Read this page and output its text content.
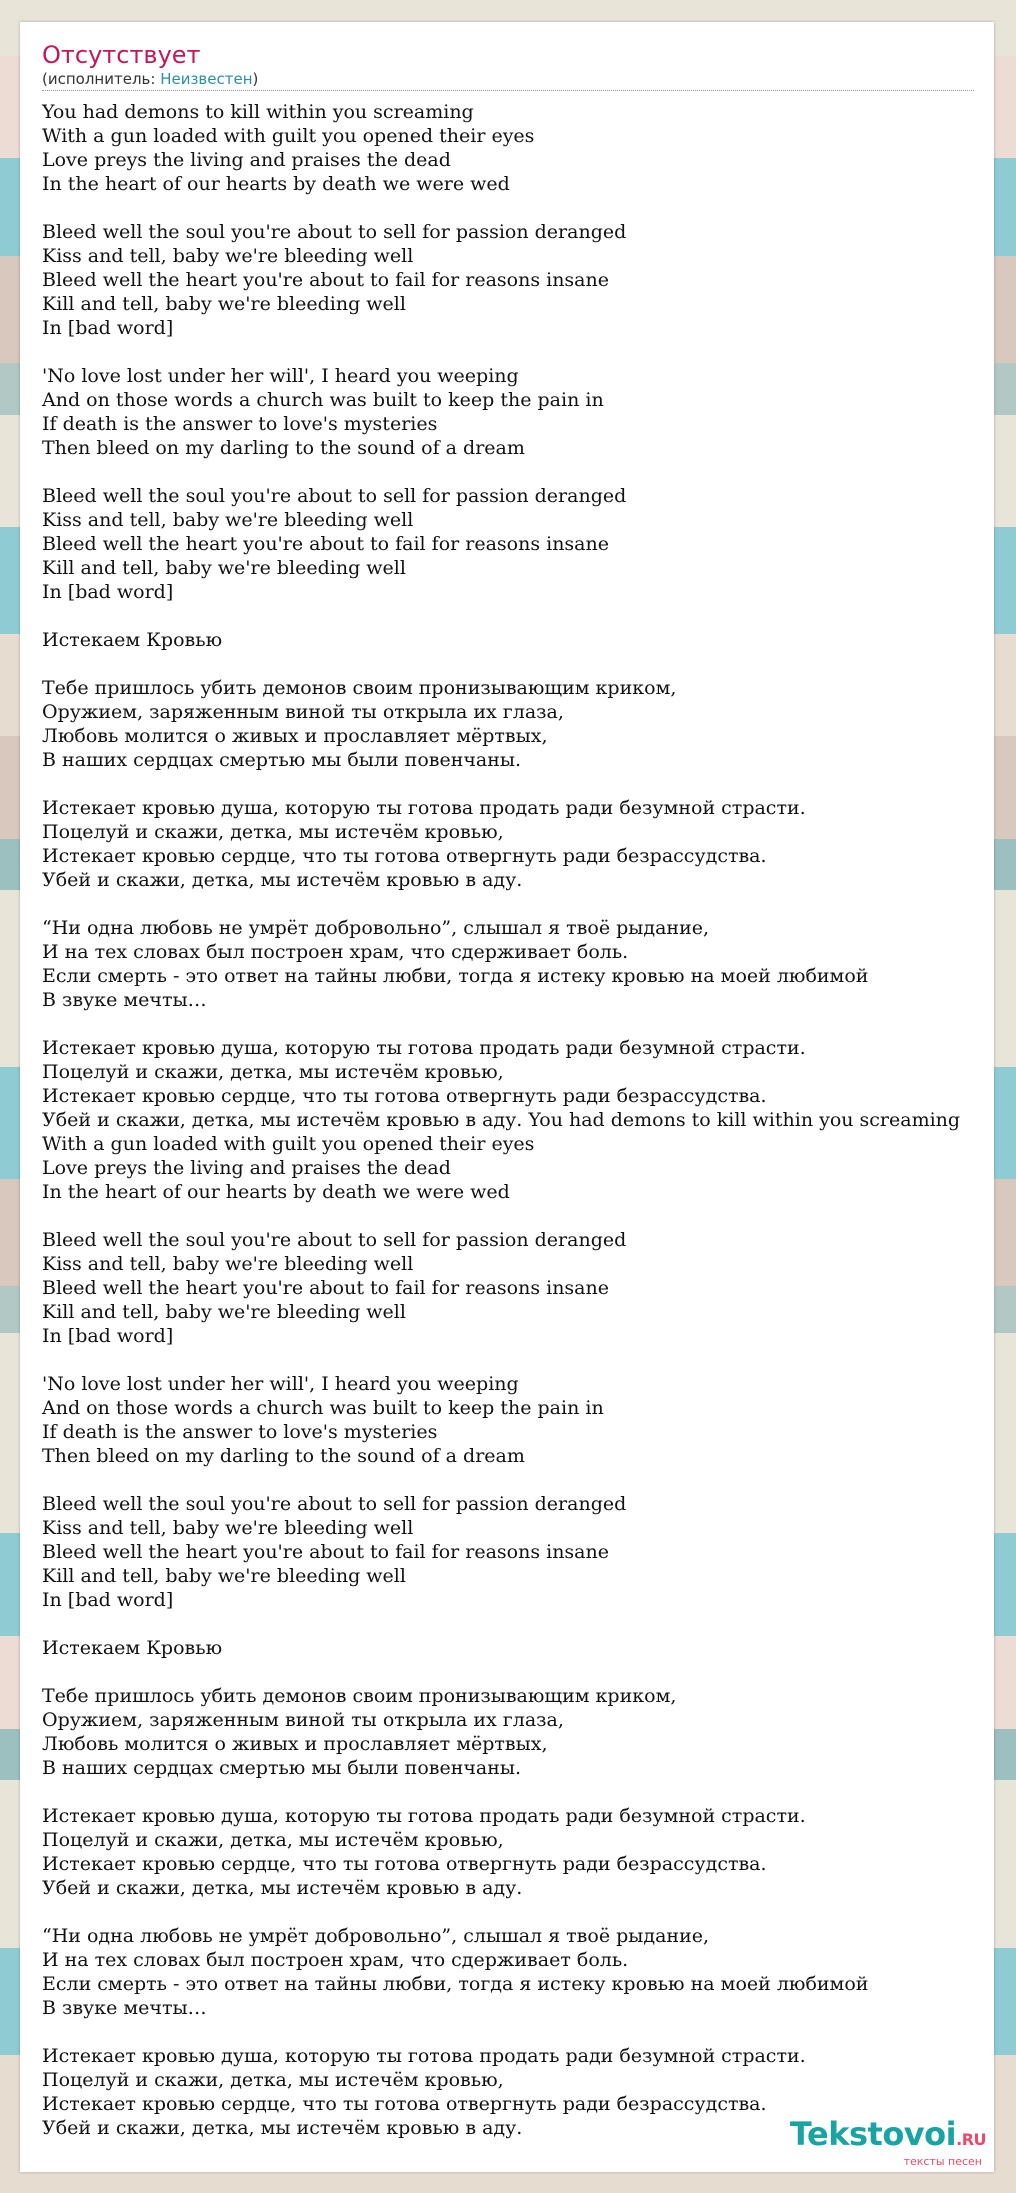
Отсутствует
(исполнитель: Неизвестен)
You had demons to kill within you screaming
With a gun loaded with guilt you opened their eyes
Love preys the living and praises the dead
In the heart of our hearts by death we were wed

Bleed well the soul you're about to sell for passion deranged
Kiss and tell, baby we're bleeding well
Bleed well the heart you're about to fail for reasons insane
Kill and tell, baby we're bleeding well
In [bad word]

'No love lost under her will', I heard you weeping
And on those words a church was built to keep the pain in
If death is the answer to love's mysteries
Then bleed on my darling to the sound of a dream

Bleed well the soul you're about to sell for passion deranged
Kiss and tell, baby we're bleeding well
Bleed well the heart you're about to fail for reasons insane
Kill and tell, baby we're bleeding well
In [bad word]

Истекаем Кровью

Тебе пришлось убить демонов своим пронизывающим криком,
Оружием, заряженным виной ты открыла их глаза,
Любовь молится о живых и прославляет мёртвых,
В наших сердцах смертью мы были повенчаны.

Истекает кровью душа, которую ты готова продать ради безумной страсти.
Поцелуй и скажи, детка, мы истечём кровью,
Истекает кровью сердце, что ты готова отвергнуть ради безрассудства.
Убей и скажи, детка, мы истечём кровью в аду.

“Ни одна любовь не умрёт добровольно”, слышал я твоё рыдание,
И на тех словах был построен храм, что сдерживает боль.
Если смерть - это ответ на тайны любви, тогда я истеку кровью на моей любимой
В звуке мечты…

Истекает кровью душа, которую ты готова продать ради безумной страсти.
Поцелуй и скажи, детка, мы истечём кровью,
Истекает кровью сердце, что ты готова отвергнуть ради безрассудства.
Убей и скажи, детка, мы истечём кровью в аду. You had demons to kill within you screaming
With a gun loaded with guilt you opened their eyes
Love preys the living and praises the dead
In the heart of our hearts by death we were wed

Bleed well the soul you're about to sell for passion deranged
Kiss and tell, baby we're bleeding well
Bleed well the heart you're about to fail for reasons insane
Kill and tell, baby we're bleeding well
In [bad word]

'No love lost under her will', I heard you weeping
And on those words a church was built to keep the pain in
If death is the answer to love's mysteries
Then bleed on my darling to the sound of a dream

Bleed well the soul you're about to sell for passion deranged
Kiss and tell, baby we're bleeding well
Bleed well the heart you're about to fail for reasons insane
Kill and tell, baby we're bleeding well
In [bad word]

Истекаем Кровью

Тебе пришлось убить демонов своим пронизывающим криком,
Оружием, заряженным виной ты открыла их глаза,
Любовь молится о живых и прославляет мёртвых,
В наших сердцах смертью мы были повенчаны.

Истекает кровью душа, которую ты готова продать ради безумной страсти.
Поцелуй и скажи, детка, мы истечём кровью,
Истекает кровью сердце, что ты готова отвергнуть ради безрассудства.
Убей и скажи, детка, мы истечём кровью в аду.

“Ни одна любовь не умрёт добровольно”, слышал я твоё рыдание,
И на тех словах был построен храм, что сдерживает боль.
Если смерть - это ответ на тайны любви, тогда я истеку кровью на моей любимой
В звуке мечты…

Истекает кровью душа, которую ты готова продать ради безумной страсти.
Поцелуй и скажи, детка, мы истечём кровью,
Истекает кровью сердце, что ты готова отвергнуть ради безрассудства.
Убей и скажи, детка, мы истечём кровью в аду.	Tekstovoi.RU
тексты песен
